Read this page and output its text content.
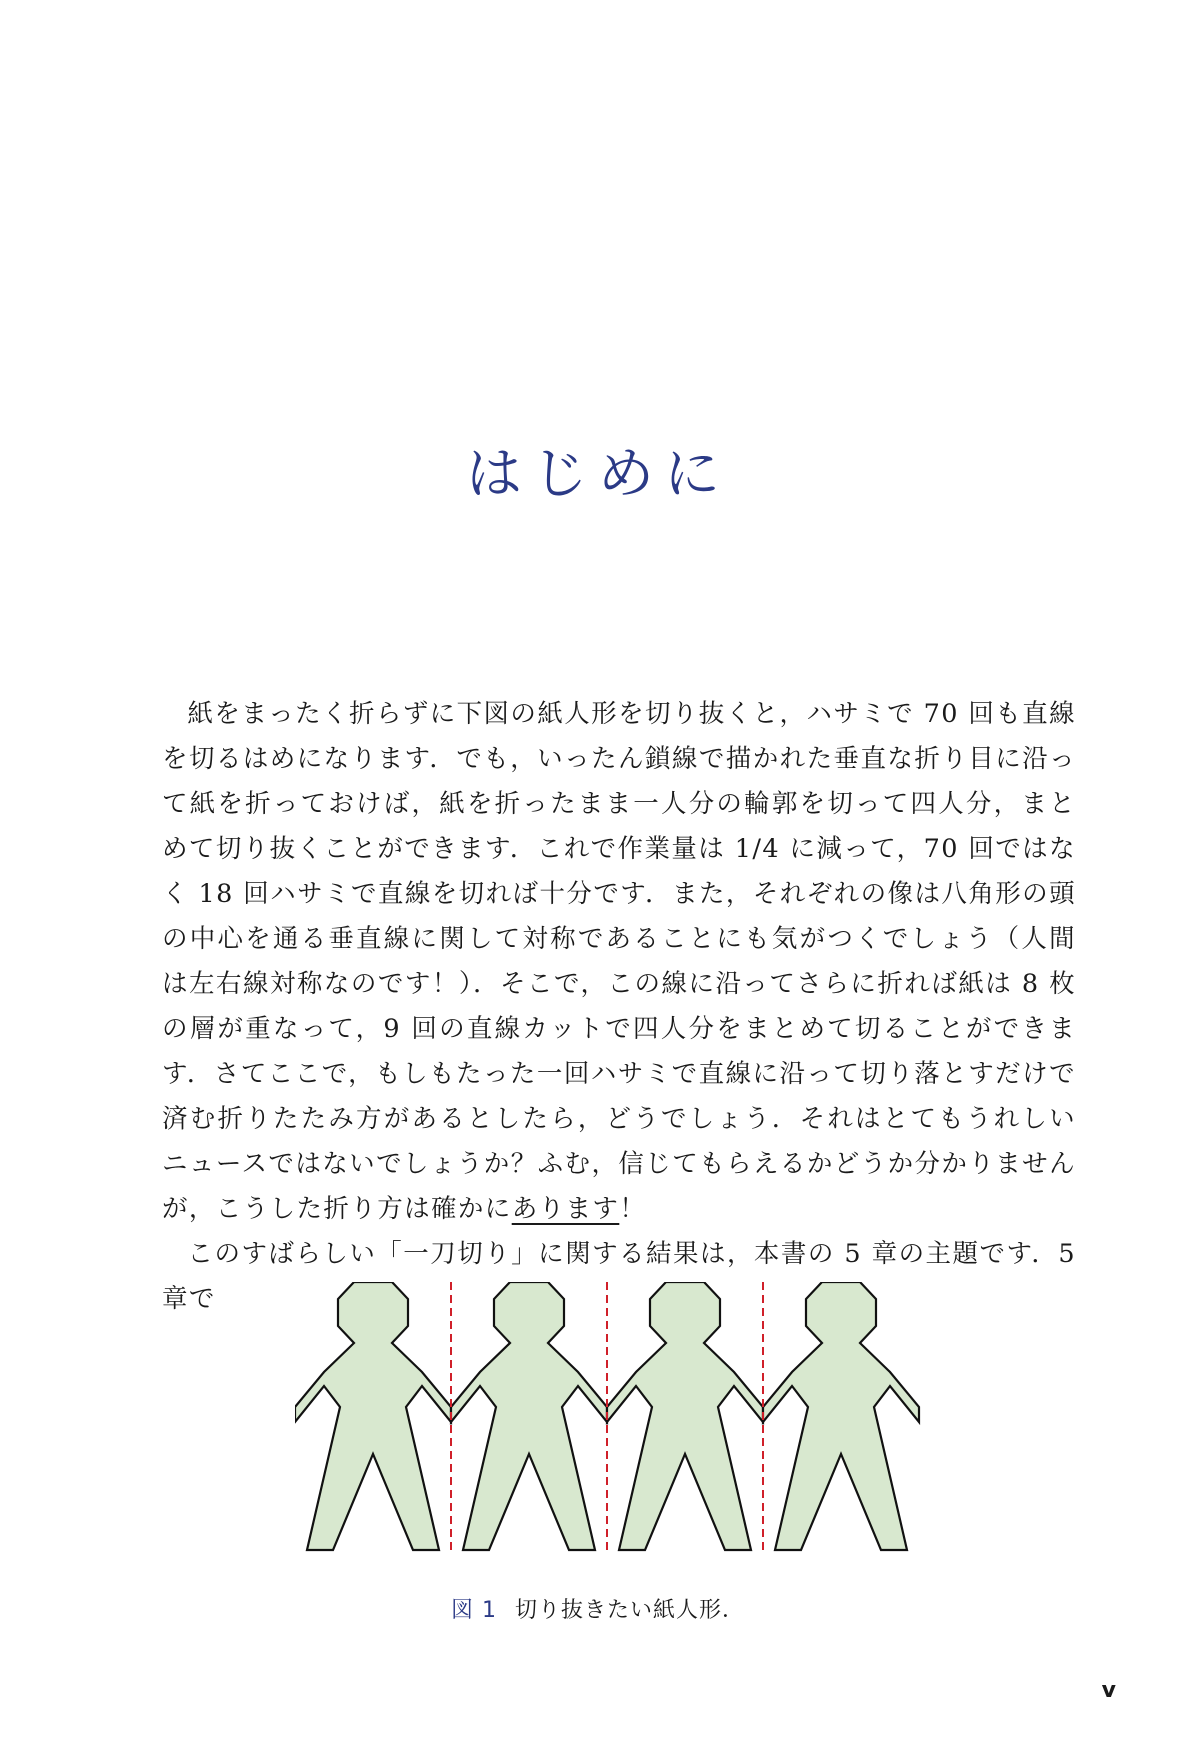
はじめに

紙をまったく折らずに下図の紙人形を切り抜くと，ハサミで 70 回も直線を切るはめになります．でも，いったん鎖線で描かれた垂直な折り目に沿って紙を折っておけば，紙を折ったまま一人分の輪郭を切って四人分，まとめて切り抜くことができます．これで作業量は 1/4 に減って，70 回ではなく 18 回ハサミで直線を切れば十分です．また，それぞれの像は八角形の頭の中心を通る垂直線に関して対称であることにも気がつくでしょう（人間は左右線対称なのです！）．そこで，この線に沿ってさらに折れば紙は 8 枚の層が重なって，9 回の直線カットで四人分をまとめて切ることができます．さてここで，もしもたった一回ハサミで直線に沿って切り落とすだけで済む折りたたみ方があるとしたら，どうでしょう．それはとてもうれしいニュースではないでしょうか？ふむ，信じてもらえるかどうか分かりませんが，こうした折り方は確かにあります！

このすばらしい「一刀切り」に関する結果は，本書の 5 章の主題です．5 章で

図 1 切り抜きたい紙人形．
v
